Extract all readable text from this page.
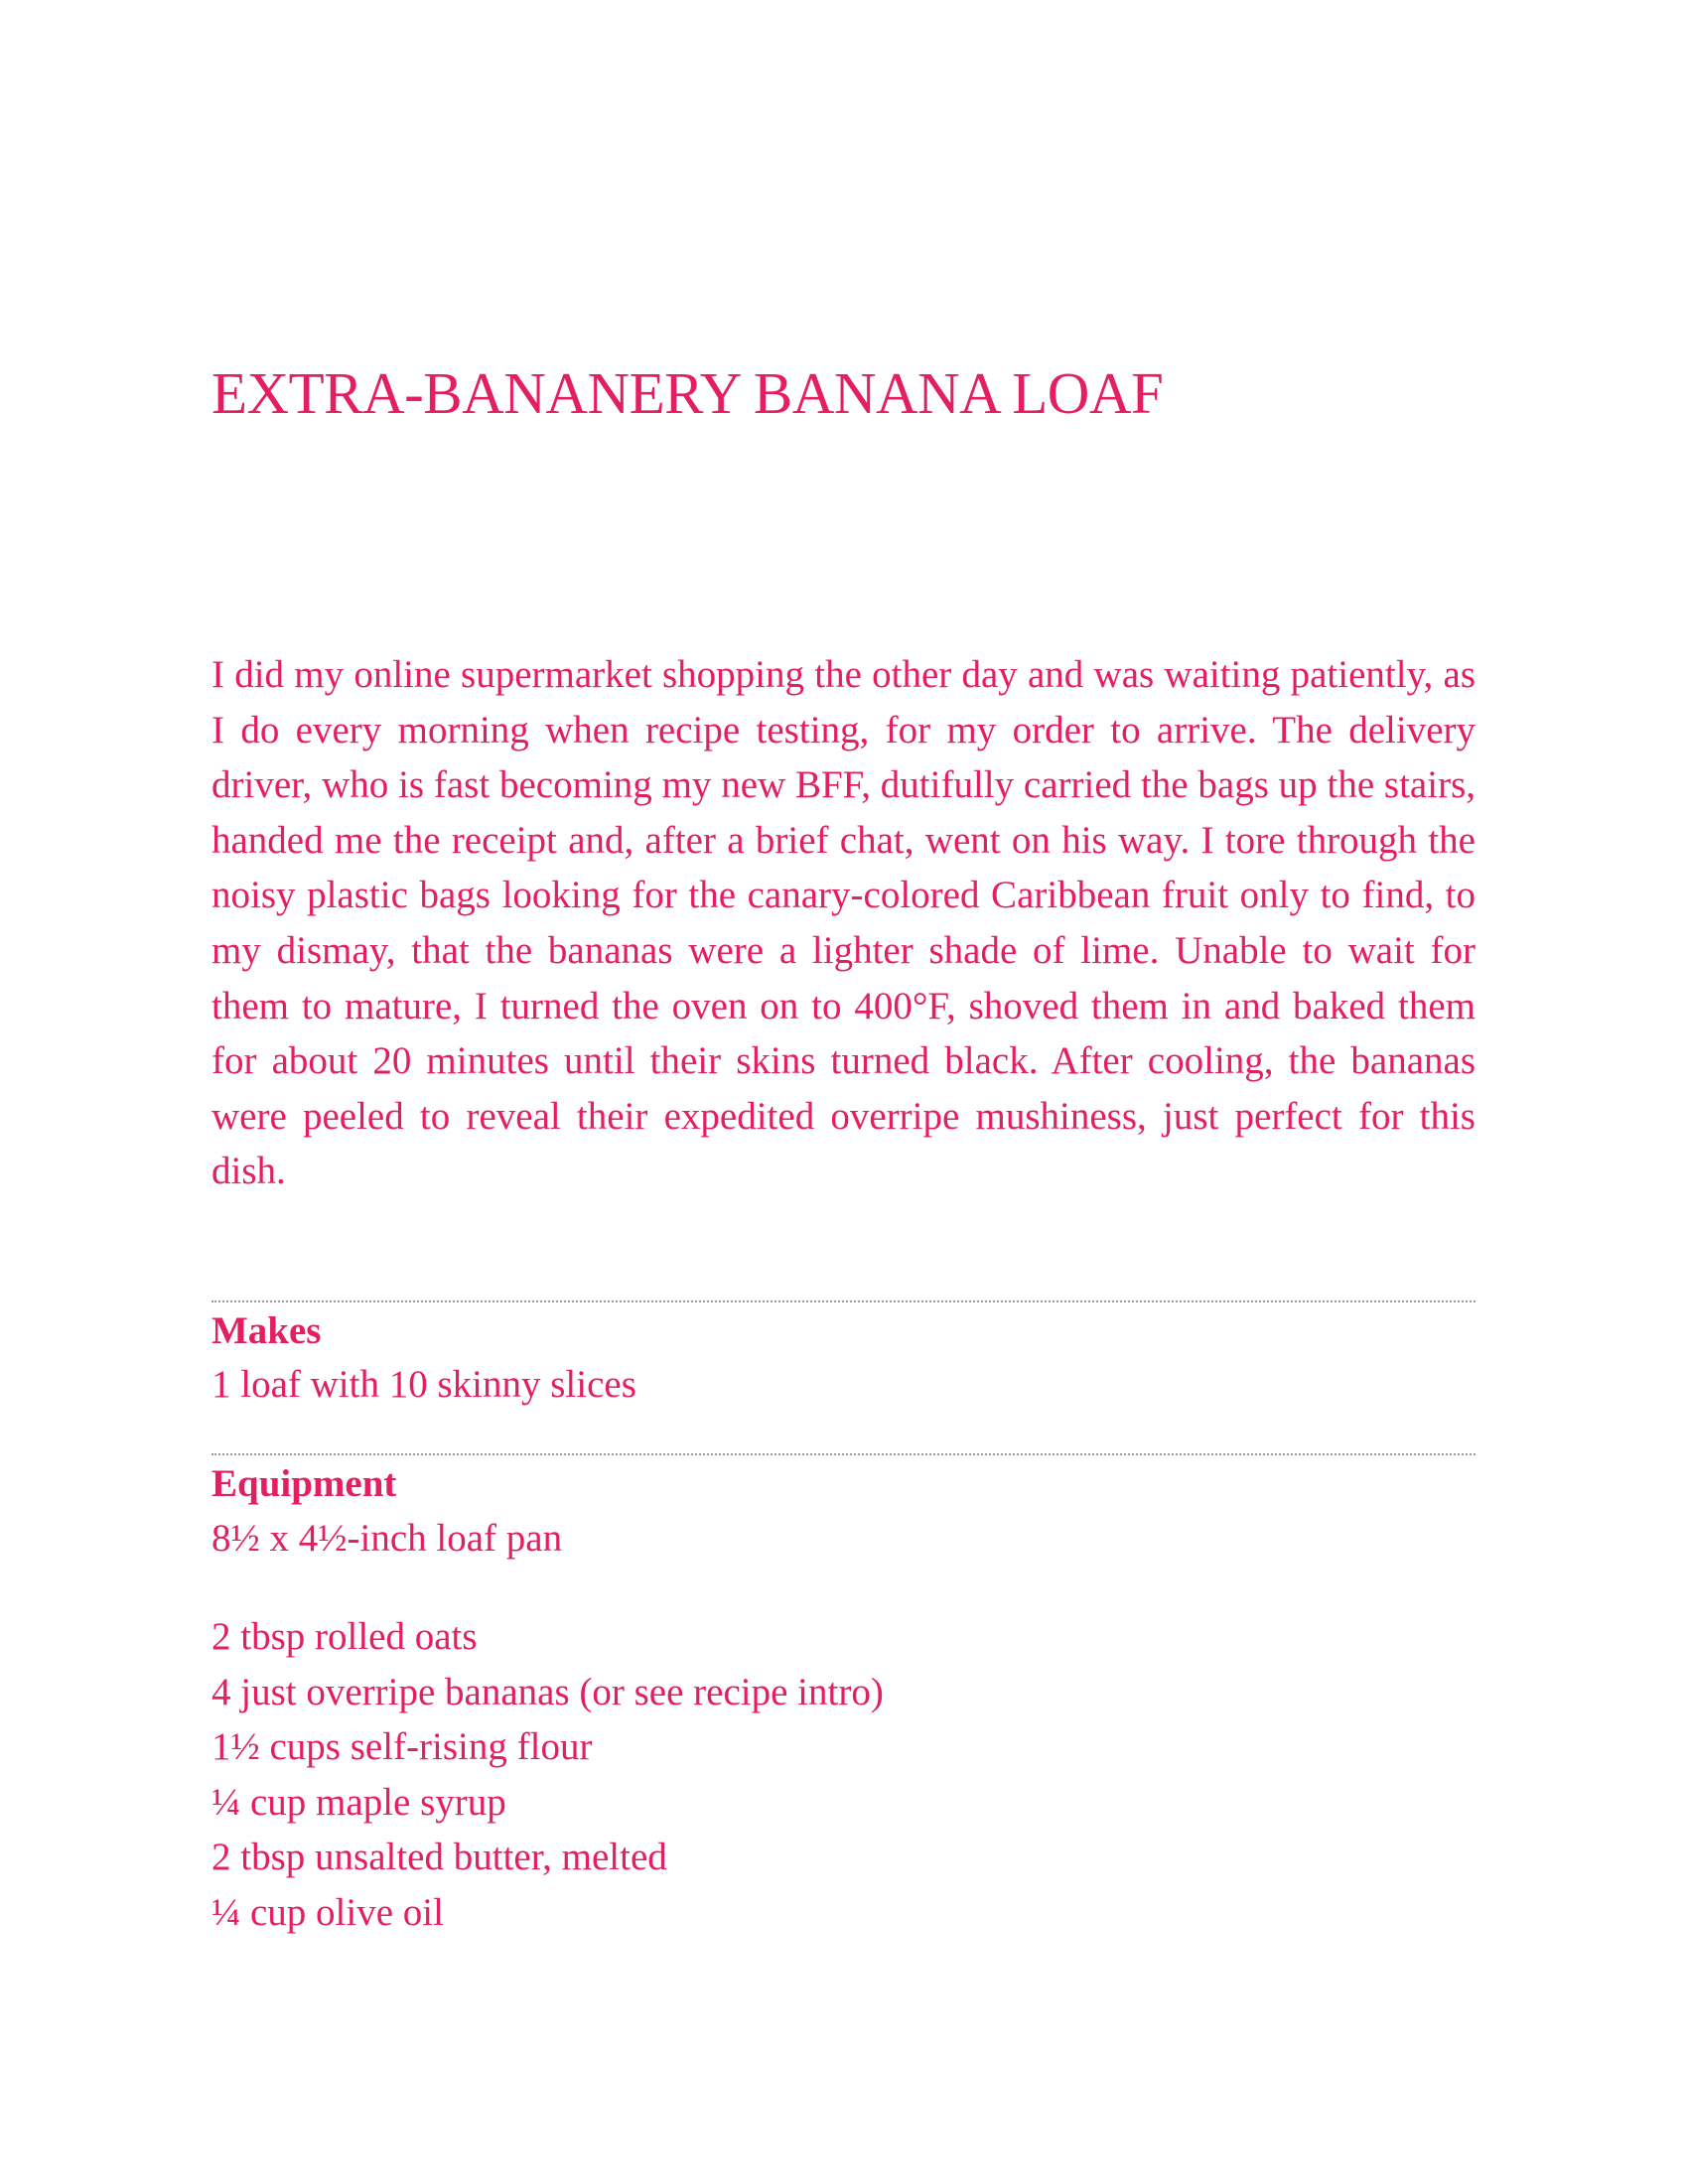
EXTRA-BANANERY BANANA LOAF

I did my online supermarket shopping the other day and was waiting patiently, as I do every morning when recipe testing, for my order to arrive. The delivery driver, who is fast becoming my new BFF, dutifully carried the bags up the stairs, handed me the receipt and, after a brief chat, went on his way. I tore through the noisy plastic bags looking for the canary-colored Caribbean fruit only to find, to my dismay, that the bananas were a lighter shade of lime. Unable to wait for them to mature, I turned the oven on to 400°F, shoved them in and baked them for about 20 minutes until their skins turned black. After cooling, the bananas were peeled to reveal their expedited overripe mushiness, just perfect for this dish.

Makes

1 loaf with 10 skinny slices

Equipment

8½ x 4½-inch loaf pan

2 tbsp rolled oats
4 just overripe bananas (or see recipe intro)
1½ cups self-rising flour
¼ cup maple syrup
2 tbsp unsalted butter, melted
¼ cup olive oil
